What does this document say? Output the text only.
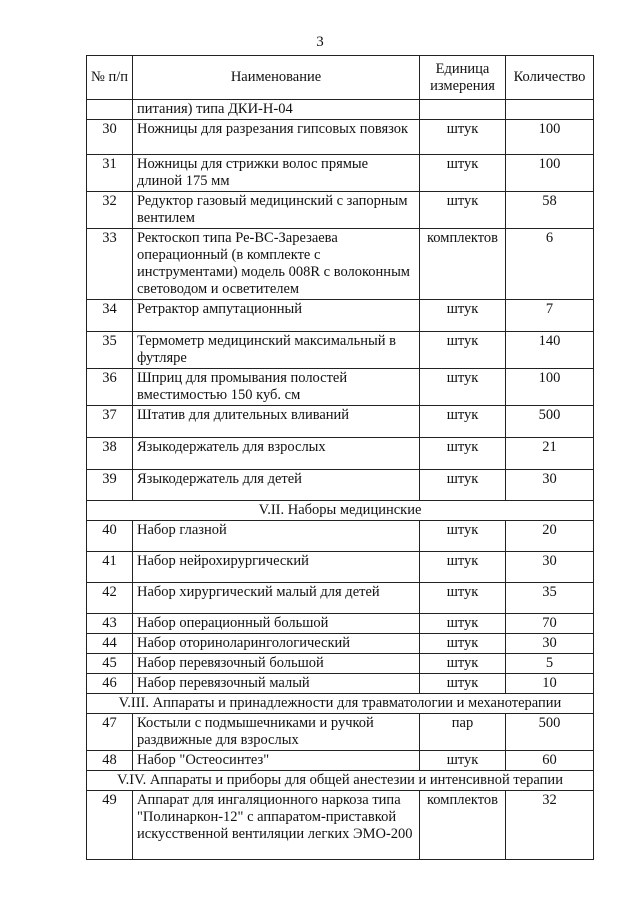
3
№ п/п	Наименование	Единица измерения	Количество
	питания) типа ДКИ-Н-04		
30	Ножницы для разрезания гипсовых повязок	штук	100
31	Ножницы для стрижки волос прямые длиной 175 мм	штук	100
32	Редуктор газовый медицинский с запорным вентилем	штук	58
33	Ректоскоп типа Ре-ВС-Зарезаева операционный (в комплекте с инструментами) модель 008R с волоконным световодом и осветителем	комплектов	6
34	Ретрактор ампутационный	штук	7
35	Термометр медицинский максимальный в футляре	штук	140
36	Шприц для промывания полостей вместимостью 150 куб. см	штук	100
37	Штатив для длительных вливаний	штук	500
38	Языкодержатель для взрослых	штук	21
39	Языкодержатель для детей	штук	30
V.II. Наборы медицинские			
40	Набор глазной	штук	20
41	Набор нейрохирургический	штук	30
42	Набор хирургический малый для детей	штук	35
43	Набор операционный большой	штук	70
44	Набор оториноларингологический	штук	30
45	Набор перевязочный большой	штук	5
46	Набор перевязочный малый	штук	10
V.III. Аппараты и принадлежности для травматологии и механотерапии			
47	Костыли с подмышечниками и ручкой раздвижные для взрослых	пар	500
48	Набор "Остеосинтез"	штук	60
V.IV. Аппараты и приборы для общей анестезии и интенсивной терапии			
49	Аппарат для ингаляционного наркоза типа "Полинаркон-12" с аппаратом-приставкой искусственной вентиляции легких ЭМО-200	комплектов	32
